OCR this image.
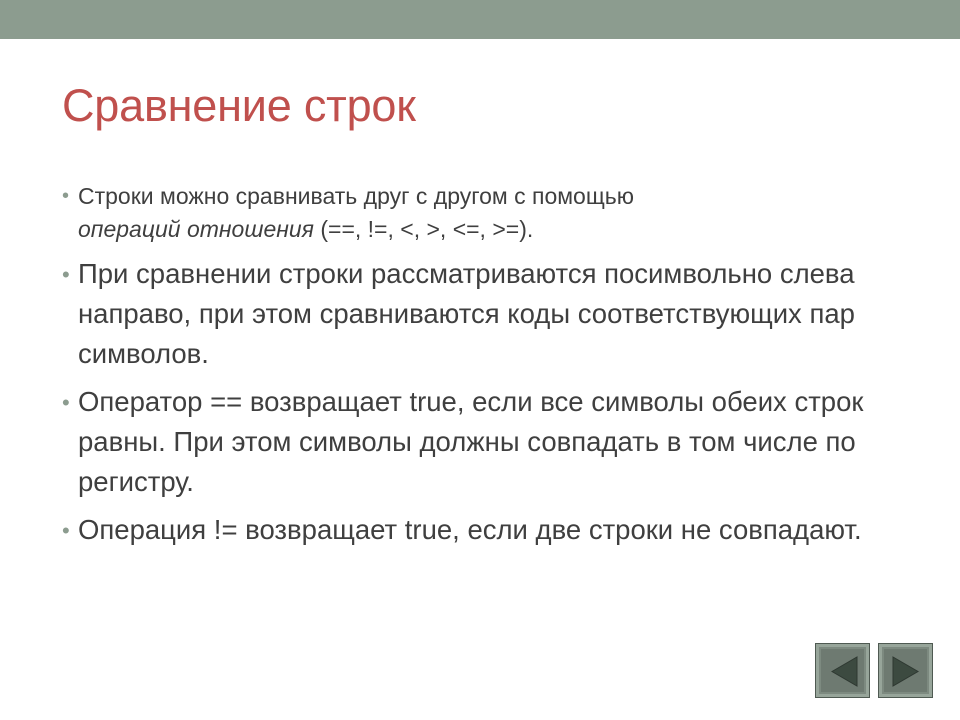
Сравнение строк
• Строки можно сравнивать друг с другом с помощью
операций отношения (==, !=, <, >, <=, >=).
• При сравнении строки рассматриваются посимвольно слева направо, при этом сравниваются коды соответствующих пар символов.
• Оператор == возвращает true, если все символы обеих строк равны. При этом символы должны совпадать в том числе по регистру.
• Операция != возвращает true, если две строки не совпадают.
